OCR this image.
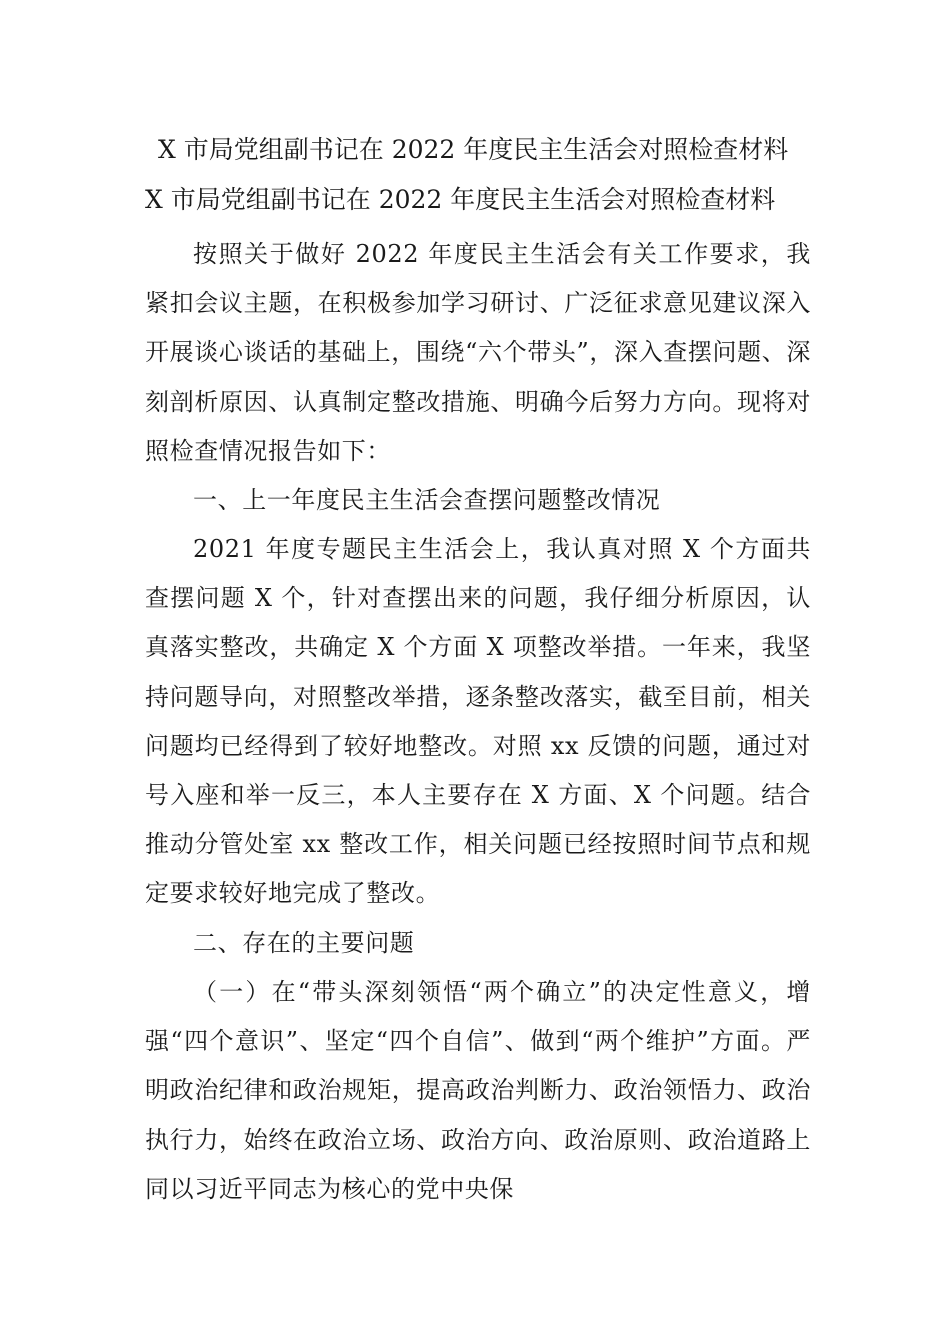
X 市局党组副书记在 2022 年度民主生活会对照检查材料
X 市局党组副书记在 2022 年度民主生活会对照检查材料

按照关于做好 2022 年度民主生活会有关工作要求，我紧扣会议主题，在积极参加学习研讨、广泛征求意见建议深入开展谈心谈话的基础上，围绕“六个带头”，深入查摆问题、深刻剖析原因、认真制定整改措施、明确今后努力方向。现将对照检查情况报告如下：

一、上一年度民主生活会查摆问题整改情况

2021 年度专题民主生活会上，我认真对照 X 个方面共查摆问题 X 个，针对查摆出来的问题，我仔细分析原因，认真落实整改，共确定 X 个方面 X 项整改举措。一年来，我坚持问题导向，对照整改举措，逐条整改落实，截至目前，相关问题均已经得到了较好地整改。对照 xx 反馈的问题，通过对号入座和举一反三，本人主要存在 X 方面、X 个问题。结合推动分管处室 xx 整改工作，相关问题已经按照时间节点和规定要求较好地完成了整改。

二、存在的主要问题

（一）在“带头深刻领悟“两个确立”的决定性意义，增强“四个意识”、坚定“四个自信”、做到“两个维护”方面。严明政治纪律和政治规矩，提高政治判断力、政治领悟力、政治执行力，始终在政治立场、政治方向、政治原则、政治道路上同以习近平同志为核心的党中央保
